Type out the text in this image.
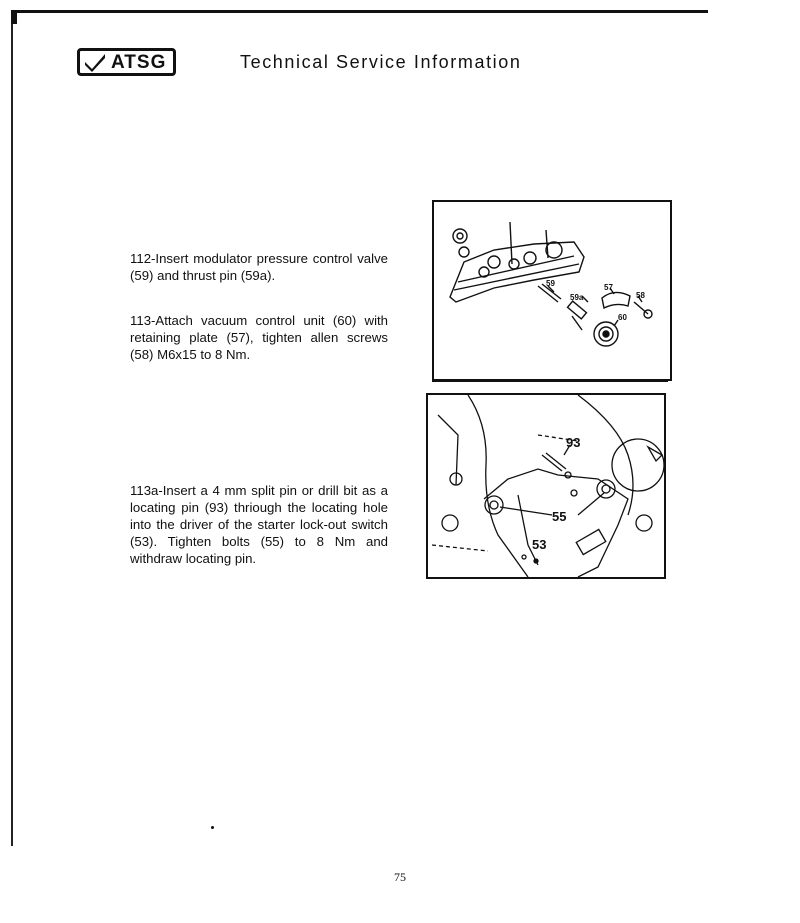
ATSG	Technical Service Information
112-Insert modulator pressure control valve (59) and thrust pin (59a).
113-Attach vacuum control unit (60) with retaining plate (57), tighten allen screws (58) M6x15 to 8 Nm.
113a-Insert a 4 mm split pin or drill bit as a locating pin (93) thriough the locating hole into the driver of the starter lock-out switch (53). Tighten bolts (55) to 8 Nm and withdraw locating pin.
59
59a
57
58
60
93
55
53
75
